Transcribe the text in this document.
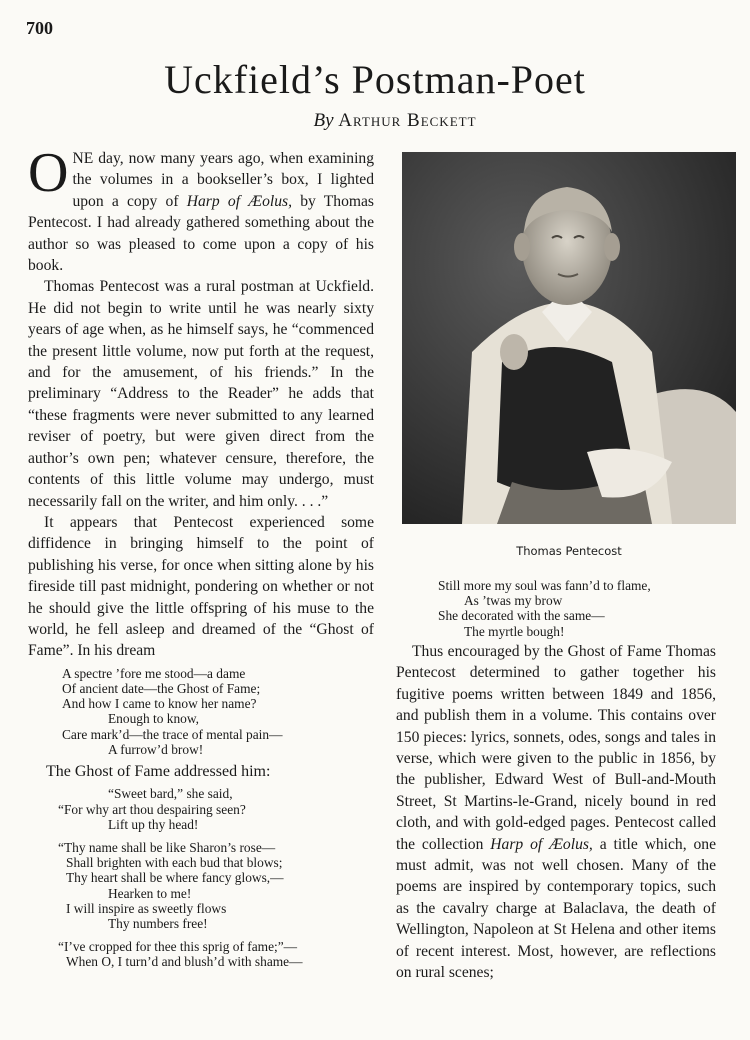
700
Uckfield’s Postman-Poet
By Arthur Beckett

ONE day, now many years ago, when examining the volumes in a bookseller’s box, I lighted upon a copy of Harp of Æolus, by Thomas Pentecost. I had already gathered something about the author so was pleased to come upon a copy of his book.

Thomas Pentecost was a rural postman at Uckfield. He did not begin to write until he was nearly sixty years of age when, as he himself says, he “commenced the present little volume, now put forth at the request, and for the amusement, of his friends.” In the preliminary “Address to the Reader” he adds that “these fragments were never submitted to any learned reviser of poetry, but were given direct from the author’s own pen; whatever censure, therefore, the contents of this little volume may undergo, must necessarily fall on the writer, and him only. . . .”

It appears that Pentecost experienced some diffidence in bringing himself to the point of publishing his verse, for once when sitting alone by his fireside till past midnight, pondering on whether or not he should give the little offspring of his muse to the world, he fell asleep and dreamed of the “Ghost of Fame”. In his dream

A spectre ’fore me stood—a dame
Of ancient date—the Ghost of Fame;
And how I came to know her name?
Enough to know,
Care mark’d—the trace of mental pain—
A furrow’d brow!
The Ghost of Fame addressed him:
“Sweet bard,” she said,
“For why art thou despairing seen?
Lift up thy head!
“Thy name shall be like Sharon’s rose—
Shall brighten with each bud that blows;
Thy heart shall be where fancy glows,—
Hearken to me!
I will inspire as sweetly flows
Thy numbers free!
“I’ve cropped for thee this sprig of fame;”—
When O, I turn’d and blush’d with shame—
Thomas Pentecost
Still more my soul was fann’d to flame,
As ’twas my brow
She decorated with the same—
The myrtle bough!

Thus encouraged by the Ghost of Fame Thomas Pentecost determined to gather together his fugitive poems written between 1849 and 1856, and publish them in a volume. This contains over 150 pieces: lyrics, sonnets, odes, songs and tales in verse, which were given to the public in 1856, by the publisher, Edward West of Bull-and-Mouth Street, St Martins-le-Grand, nicely bound in red cloth, and with gold-edged pages. Pentecost called the collection Harp of Æolus, a title which, one must admit, was not well chosen. Many of the poems are inspired by contemporary topics, such as the cavalry charge at Balaclava, the death of Wellington, Napoleon at St Helena and other items of recent interest. Most, however, are reflections on rural scenes;
